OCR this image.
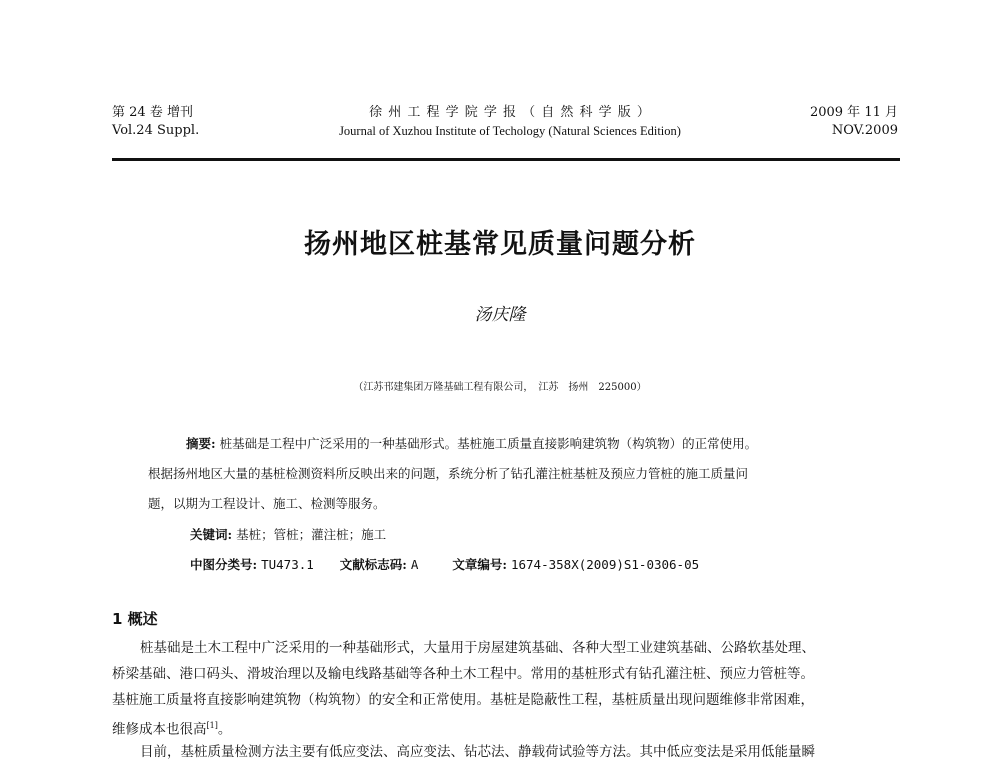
第 24 卷 增刊
Vol.24 Suppl.
徐 州 工 程 学 院 学 报 （ 自 然 科 学 版 ）
Journal of Xuzhou Institute of Techology (Natural Sciences Edition)
2009 年 11 月
NOV.2009
扬州地区桩基常见质量问题分析
汤庆隆
（江苏邗建集团万隆基础工程有限公司，　江苏　扬州　225000）
摘要: 桩基础是工程中广泛采用的一种基础形式。基桩施工质量直接影响建筑物（构筑物）的正常使用。
根据扬州地区大量的基桩检测资料所反映出来的问题，系统分析了钻孔灌注桩基桩及预应力管桩的施工质量问
题，以期为工程设计、施工、检测等服务。
关键词: 基桩；管桩；灌注桩；施工
中图分类号: TU473.1 文献标志码: A	文章编号: 1674-358X(2009)S1-0306-05
1 概述
桩基础是土木工程中广泛采用的一种基础形式，大量用于房屋建筑基础、各种大型工业建筑基础、公路软基处理、
桥梁基础、港口码头、滑坡治理以及输电线路基础等各种土木工程中。常用的基桩形式有钻孔灌注桩、预应力管桩等。
基桩施工质量将直接影响建筑物（构筑物）的安全和正常使用。基桩是隐蔽性工程，基桩质量出现问题维修非常困难，
维修成本也很高[1]。
目前，基桩质量检测方法主要有低应变法、高应变法、钻芯法、静载荷试验等方法。其中低应变法是采用低能量瞬
